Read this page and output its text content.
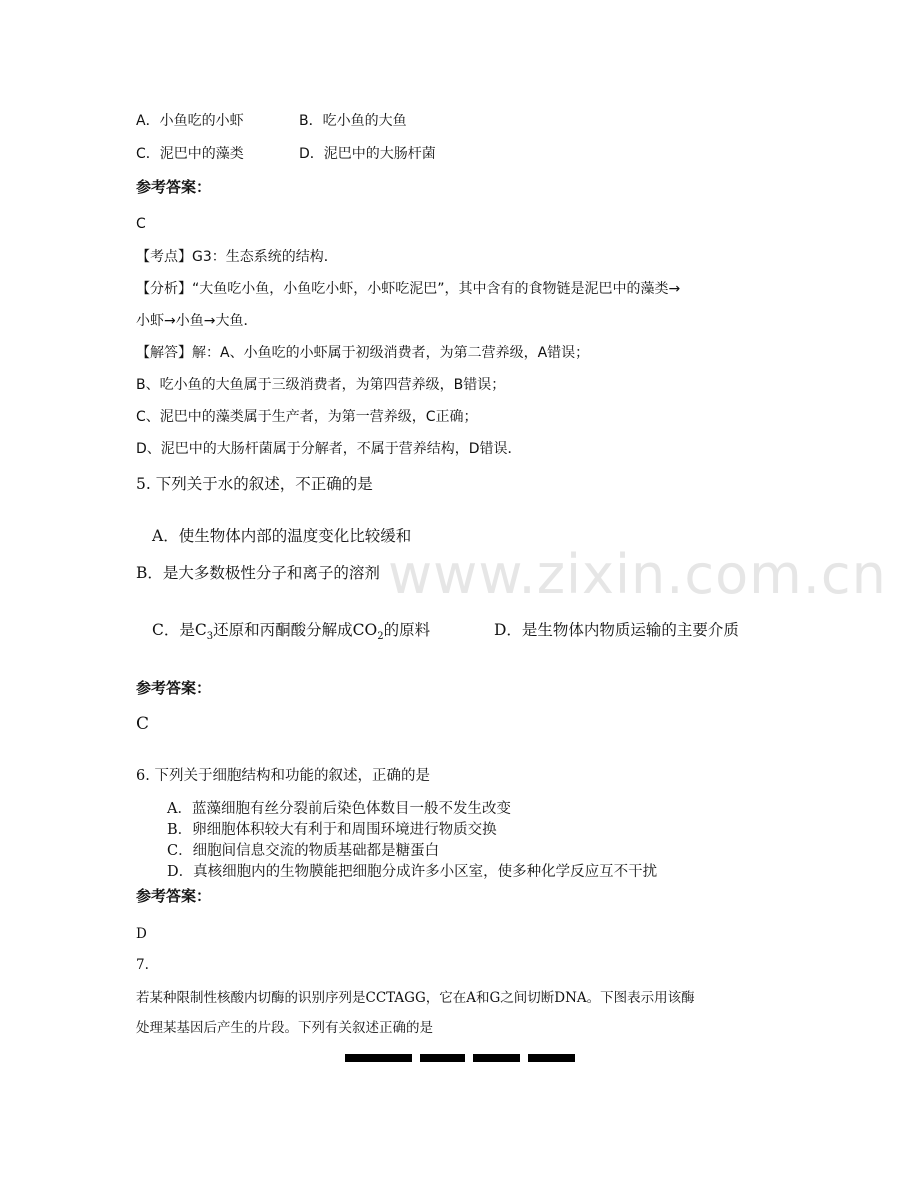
www.zixin.com.cn
A．小鱼吃的小虾	B．吃小鱼的大鱼
C．泥巴中的藻类	D．泥巴中的大肠杆菌
参考答案：
C
【考点】G3：生态系统的结构．
【分析】“大鱼吃小鱼，小鱼吃小虾，小虾吃泥巴”，其中含有的食物链是泥巴中的藻类→
小虾→小鱼→大鱼．
【解答】解：A、小鱼吃的小虾属于初级消费者，为第二营养级，A错误；
B、吃小鱼的大鱼属于三级消费者，为第四营养级，B错误；
C、泥巴中的藻类属于生产者，为第一营养级，C正确；
D、泥巴中的大肠杆菌属于分解者，不属于营养结构，D错误．
5. 下列关于水的叙述，不正确的是
A．使生物体内部的温度变化比较缓和
B．是大多数极性分子和离子的溶剂
C．是$C_3$还原和丙酮酸分解成$CO_2$的原料	D．是生物体内物质运输的主要介质
参考答案：
C
6. 下列关于细胞结构和功能的叙述，正确的是
A．蓝藻细胞有丝分裂前后染色体数目一般不发生改变
B．卵细胞体积较大有利于和周围环境进行物质交换
C．细胞间信息交流的物质基础都是糖蛋白
D．真核细胞内的生物膜能把细胞分成许多小区室，使多种化学反应互不干扰
参考答案：
D
7.
若某种限制性核酸内切酶的识别序列是CCTAGG，它在A和G之间切断DNA。下图表示用该酶
处理某基因后产生的片段。下列有关叙述正确的是
